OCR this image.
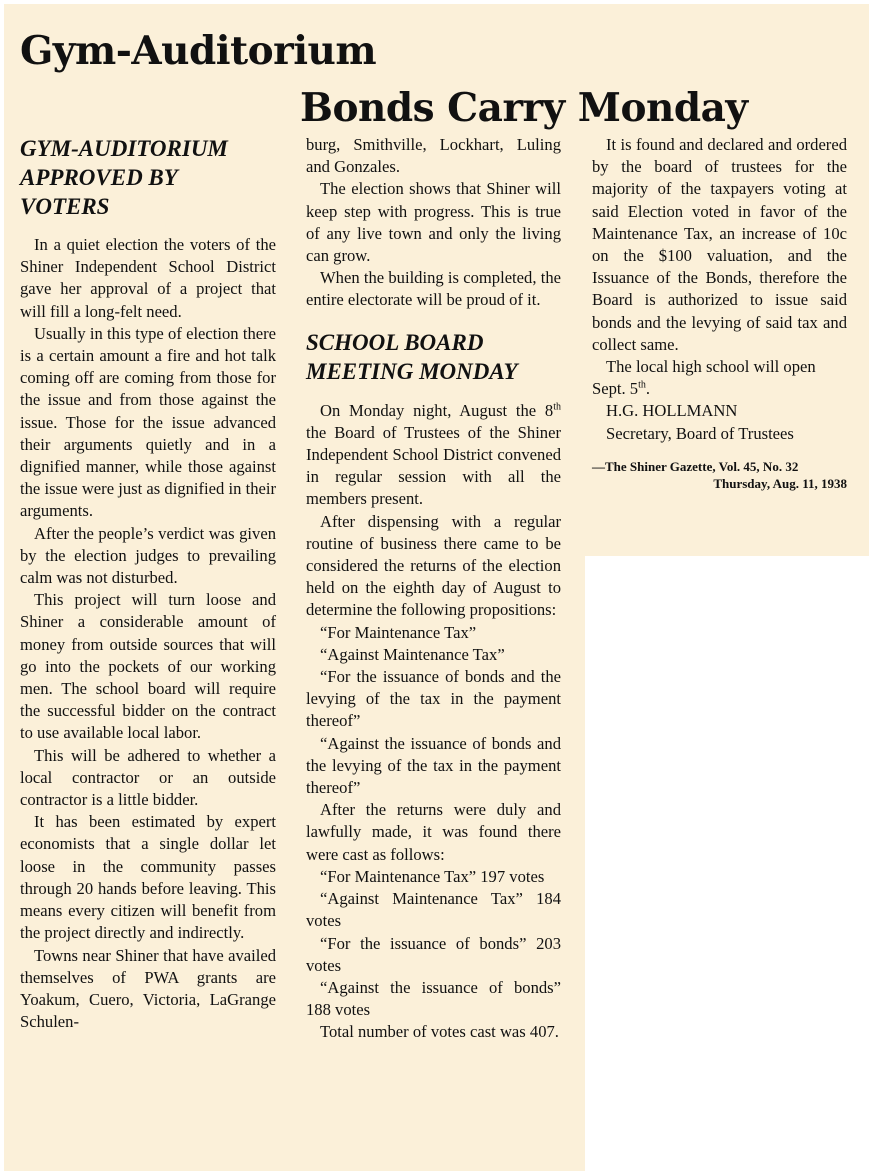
Gym-Auditorium
Bonds Carry Monday
GYM-AUDITORIUM
APPROVED BY
VOTERS

In a quiet election the voters of the Shiner Independent School District gave her approval of a project that will fill a long-felt need.

Usually in this type of election there is a certain amount a fire and hot talk coming off are coming from those for the issue and from those against the issue. Those for the issue advanced their arguments quietly and in a dignified manner, while those against the issue were just as dignified in their arguments.

After the people’s verdict was given by the election judges to prevailing calm was not disturbed.

This project will turn loose and Shiner a considerable amount of money from outside sources that will go into the pockets of our working men. The school board will require the successful bidder on the contract to use available local labor.

This will be adhered to whether a local contractor or an outside contractor is a little bidder.

It has been estimated by expert economists that a single dollar let loose in the community passes through 20 hands before leaving. This means every citizen will benefit from the project directly and indirectly.

Towns near Shiner that have availed themselves of PWA grants are Yoakum, Cuero, Victoria, LaGrange Schulen-

burg, Smithville, Lockhart, Luling and Gonzales.

The election shows that Shiner will keep step with progress. This is true of any live town and only the living can grow.

When the building is completed, the entire electorate will be proud of it.

SCHOOL BOARD
MEETING MONDAY

On Monday night, August the 8th the Board of Trustees of the Shiner Independent School District convened in regular session with all the members present.

After dispensing with a regular routine of business there came to be considered the returns of the election held on the eighth day of August to determine the following propositions:

“For Maintenance Tax”

“Against Maintenance Tax”

“For the issuance of bonds and the levying of the tax in the payment thereof”

“Against the issuance of bonds and the levying of the tax in the payment thereof”

After the returns were duly and lawfully made, it was found there were cast as follows:

“For Maintenance Tax” 197 votes

“Against Maintenance Tax” 184 votes

“For the issuance of bonds” 203 votes

“Against the issuance of bonds” 188 votes

Total number of votes cast was 407.

It is found and declared and ordered by the board of trustees for the majority of the taxpayers voting at said Election voted in favor of the Maintenance Tax, an increase of 10c on the $100 valuation, and the Issuance of the Bonds, therefore the Board is authorized to issue said bonds and the levying of said tax and collect same.

The local high school will open Sept. 5th.

H.G. HOLLMANN

Secretary, Board of Trustees

—The Shiner Gazette, Vol. 45, No. 32
Thursday, Aug. 11, 1938
